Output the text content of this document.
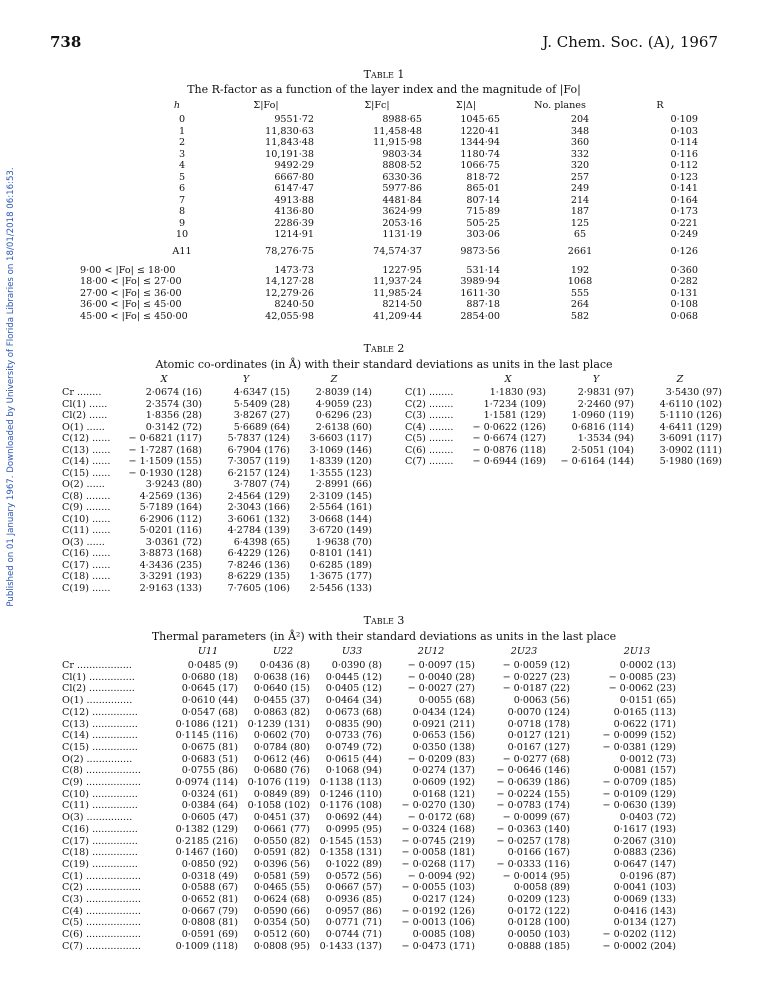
Published on 01 January 1967. Downloaded by University of Florida Libraries on 18/01/2018 06:16:53.
738	J. Chem. Soc. (A), 1967
Table 1
The R-factor as a function of the layer index and the magnitude of |Fo|
h	Σ|Fo|	Σ|Fc|	Σ|Δ|	No. planes	R
0	9551·72	8988·65	1045·65	204	0·109
1	11,830·63	11,458·48	1220·41	348	0·103
2	11,843·48	11,915·98	1344·94	360	0·114
3	10,191·38	9803·34	1180·74	332	0·116
4	9492·29	8808·52	1066·75	320	0·112
5	6667·80	6330·36	818·72	257	0·123
6	6147·47	5977·86	865·01	249	0·141
7	4913·88	4481·84	807·14	214	0·164
8	4136·80	3624·99	715·89	187	0·173
9	2286·39	2053·16	505·25	125	0·221
10	1214·91	1131·19	303·06	65	0·249
A11	78,276·75	74,574·37	9873·56	2661	0·126
9·00 < |Fo| ≤ 18·00	1473·73	1227·95	531·14	192	0·360
18·00 < |Fo| ≤ 27·00	14,127·28	11,937·24	3989·94	1068	0·282
27·00 < |Fo| ≤ 36·00	12,279·26	11,985·24	1611·30	555	0·131
36·00 < |Fo| ≤ 45·00	8240·50	8214·50	887·18	264	0·108
45·00 < |Fo| ≤ 450·00	42,055·98	41,209·44	2854·00	582	0·068
Table 2
Atomic co-ordinates (in Å) with their standard deviations as units in the last place
X	Y	Z	X	Y	Z
Cr ........	2·0674 (16)	4·6347 (15)	2·8039 (14)
Cl(1) ......	2·3574 (30)	5·5409 (28)	4·9059 (23)
Cl(2) ......	1·8356 (28)	3·8267 (27)	0·6296 (23)
O(1) ......	0·3142 (72)	5·6689 (64)	2·6138 (60)
C(12) ......	− 0·6821 (117)	5·7837 (124)	3·6603 (117)
C(13) ......	− 1·7287 (168)	6·7904 (176)	3·1069 (146)
C(14) ......	− 1·1509 (155)	7·3057 (119)	1·8339 (120)
C(15) ......	− 0·1930 (128)	6·2157 (124)	1·3555 (123)
O(2) ......	3·9243 (80)	3·7807 (74)	2·8991 (66)
C(8) ........	4·2569 (136)	2·4564 (129)	2·3109 (145)
C(9) ........	5·7189 (164)	2·3043 (166)	2·5564 (161)
C(10) ......	6·2906 (112)	3·6061 (132)	3·0668 (144)
C(11) ......	5·0201 (116)	4·2784 (139)	3·6720 (149)
O(3) ......	3·0361 (72)	6·4398 (65)	1·9638 (70)
C(16) ......	3·8873 (168)	6·4229 (126)	0·8101 (141)
C(17) ......	4·3436 (235)	7·8246 (136)	0·6285 (189)
C(18) ......	3·3291 (193)	8·6229 (135)	1·3675 (177)
C(19) ......	2·9163 (133)	7·7605 (106)	2·5456 (133)
C(1) ........	1·1830 (93)	2·9831 (97)	3·5430 (97)
C(2) ........	1·7234 (109)	2·2460 (97)	4·6110 (102)
C(3) ........	1·1581 (129)	1·0960 (119)	5·1110 (126)
C(4) ........	− 0·0622 (126)	0·6816 (114)	4·6411 (129)
C(5) ........	− 0·6674 (127)	1·3534 (94)	3·6091 (117)
C(6) ........	− 0·0876 (118)	2·5051 (104)	3·0902 (111)
C(7) ........	− 0·6944 (169)	− 0·6164 (144)	5·1980 (169)
Table 3
Thermal parameters (in Å²) with their standard deviations as units in the last place
U11	U22	U33	2U12	2U23	2U13
Cr ..................	0·0485 (9)	0·0436 (8)	0·0390 (8)	− 0·0097 (15)	− 0·0059 (12)	0·0002 (13)
Cl(1) ...............	0·0680 (18)	0·0638 (16)	0·0445 (12)	− 0·0040 (28)	− 0·0227 (23)	− 0·0085 (23)
Cl(2) ...............	0·0645 (17)	0·0640 (15)	0·0405 (12)	− 0·0027 (27)	− 0·0187 (22)	− 0·0062 (23)
O(1) ...............	0·0610 (44)	0·0455 (37)	0·0464 (34)	0·0055 (68)	0·0063 (56)	0·0151 (65)
C(12) ...............	0·0547 (68)	0·0863 (82)	0·0673 (68)	0·0434 (124)	0·0070 (124)	0·0165 (113)
C(13) ...............	0·1086 (121) 0·1239 (131)	0·0835 (90)	0·0921 (211)	0·0718 (178)	0·0622 (171)
C(14) ...............	0·1145 (116)	0·0602 (70)	0·0733 (76)	0·0653 (156)	0·0127 (121)	− 0·0099 (152)
C(15) ...............	0·0675 (81)	0·0784 (80)	0·0749 (72)	0·0350 (138)	0·0167 (127)	− 0·0381 (129)
O(2) ...............	0·0683 (51)	0·0612 (46)	0·0615 (44)	− 0·0209 (83)	− 0·0277 (68)	0·0012 (73)
C(8) ..................	0·0755 (86)	0·0680 (76)	0·1068 (94)	0·0274 (137)	− 0·0646 (146)	0·0081 (157)
C(9) ..................	0·0974 (114) 0·1076 (119) 0·1138 (113)	0·0609 (192)	− 0·0639 (186)	− 0·0709 (185)
C(10) ...............	0·0324 (61)	0·0849 (89) 0·1246 (110)	0·0168 (121)	− 0·0224 (155)	− 0·0109 (129)
C(11) ...............	0·0384 (64) 0·1058 (102) 0·1176 (108)	− 0·0270 (130)	− 0·0783 (174)	− 0·0630 (139)
O(3) ...............	0·0605 (47)	0·0451 (37)	0·0692 (44)	− 0·0172 (68)	− 0·0099 (67)	0·0403 (72)
C(16) ...............	0·1382 (129)	0·0661 (77)	0·0995 (95)	− 0·0324 (168)	− 0·0363 (140)	0·1617 (193)
C(17) ...............	0·2185 (216)	0·0550 (82) 0·1545 (153)	− 0·0745 (219)	− 0·0257 (178)	0·2067 (310)
C(18) ...............	0·1467 (160)	0·0591 (82) 0·1358 (131)	− 0·0058 (181)	0·0166 (167)	0·0883 (236)
C(19) ...............	0·0850 (92)	0·0396 (56)	0·1022 (89)	− 0·0268 (117)	− 0·0333 (116)	0·0647 (147)
C(1) ..................	0·0318 (49)	0·0581 (59)	0·0572 (56)	− 0·0094 (92)	− 0·0014 (95)	0·0196 (87)
C(2) ..................	0·0588 (67)	0·0465 (55)	0·0667 (57)	− 0·0055 (103)	0·0058 (89)	0·0041 (103)
C(3) ..................	0·0652 (81)	0·0624 (68)	0·0936 (85)	0·0217 (124)	0·0209 (123)	0·0069 (133)
C(4) ..................	0·0667 (79)	0·0590 (66)	0·0957 (86)	− 0·0192 (126)	0·0172 (122)	0·0416 (143)
C(5) ..................	0·0808 (81)	0·0354 (50)	0·0771 (71)	− 0·0013 (106)	0·0128 (100)	0·0134 (127)
C(6) ..................	0·0591 (69)	0·0512 (60)	0·0744 (71)	0·0085 (108)	0·0050 (103)	− 0·0202 (112)
C(7) ..................	0·1009 (118)	0·0808 (95) 0·1433 (137)	− 0·0473 (171)	0·0888 (185)	− 0·0002 (204)
